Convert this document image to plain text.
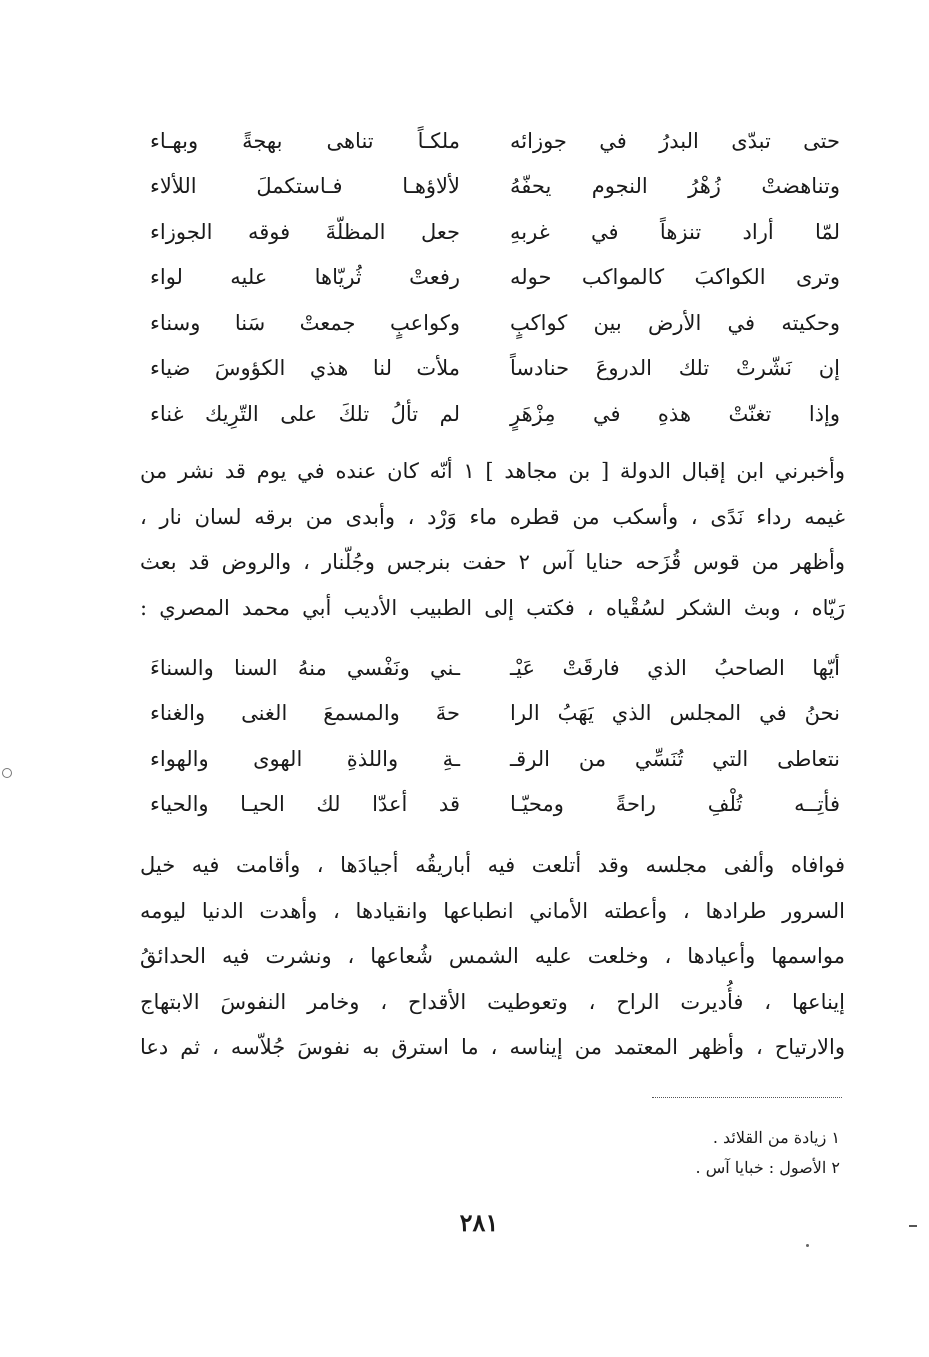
حتى تبدّى البدرُ في جوزائه
ملكـاً تناهى بهجةً وبهـاء
وتناهضتْ زُهْرُ النجوم يحفّهُ
لألاؤهـا فـاستكملَ اللألاء
لمّا أراد تنزهاً في غربهِ
جعل المظلّةَ فوقه الجوزاء
وترى الكواكبَ كالمواكب حوله
رفعتْ ثُريّاها عليه لواء
وحكيته في الأرض بين كواكبٍ
وكواعبٍ جمعتْ سَنا وسناء
إن نَشّرتْ تلك الدروعَ حنادساً
ملأت لنا هذي الكؤوسَ ضياء
وإذا تغنّتْ هذهِ في مِزْهَرٍ
لم تألُ تلكَ على التّرِيك غناء
وأخبرني ابن إقبال الدولة [ بن مجاهد ] ١ أنّه كان عنده في يوم قد نشر من
غيمه رداء نَدًى ، وأسكب من قطره ماء وَرْد ، وأبدى من برقه لسان نار ،
وأظهر من قوس قُزَحه حنايا آس ٢ حفت بنرجس وجُلّنار ، والروض قد بعث
رَيّاه ، وبث الشكر لسُقْياه ، فكتب إلى الطبيب الأديب أبي محمد المصري :
أيّها الصاحبُ الذي فارقَتْ عَيْـ
ـني ونَفْسي منهُ السنا والسناءَ
نحنُ في المجلس الذي يَهَبُ الرا
حةَ والمسمعَ الغنى والغناء
نتعاطى التي تُنَسِّي من الرقـ
ـةِ واللذةِ الهوى والهواء
فأتِــه تُلْفِ راحةً ومحيّـا
قد أعدّا لك الحيـا والحياء
فوافاه وألفى مجلسه وقد أتلعت فيه أباريقُه أجيادَها ، وأقامت فيه خيل
السرور طرادها ، وأعطته الأماني انطباعها وانقيادها ، وأهدت الدنيا ليومه
مواسمها وأعيادها ، وخلعت عليه الشمس شُعاعها ، ونشرت فيه الحدائقُ
إيناعها ، فأُديرت الراح ، وتعوطيت الأقداح ، وخامر النفوسَ الابتهاج
والارتياح ، وأظهر المعتمد من إيناسه ، ما استرق به نفوسَ جُلاّسه ، ثم دعا
١ زيادة من القلائد .
٢ الأصول : خبايا آس .
٢٨١
